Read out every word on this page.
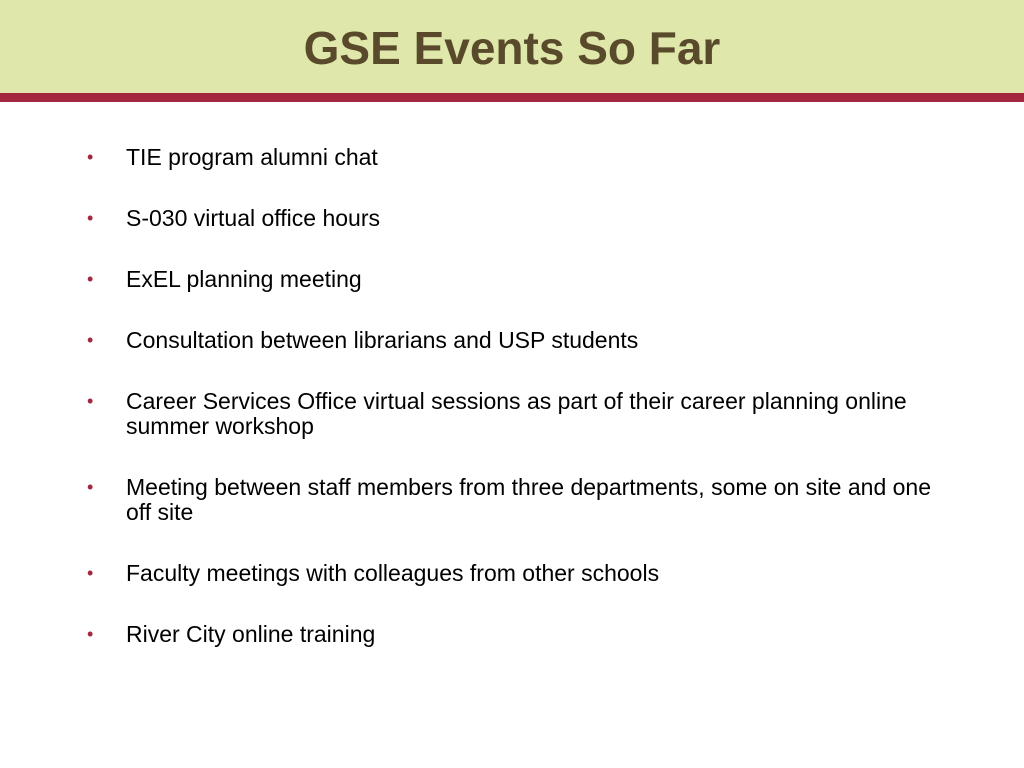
GSE Events So Far
• TIE program alumni chat
• S-030 virtual office hours
• ExEL planning meeting
• Consultation between librarians and USP students
• Career Services Office virtual sessions as part of their career planning online summer workshop
• Meeting between staff members from three departments, some on site and one off site
• Faculty meetings with colleagues from other schools
• River City online training
